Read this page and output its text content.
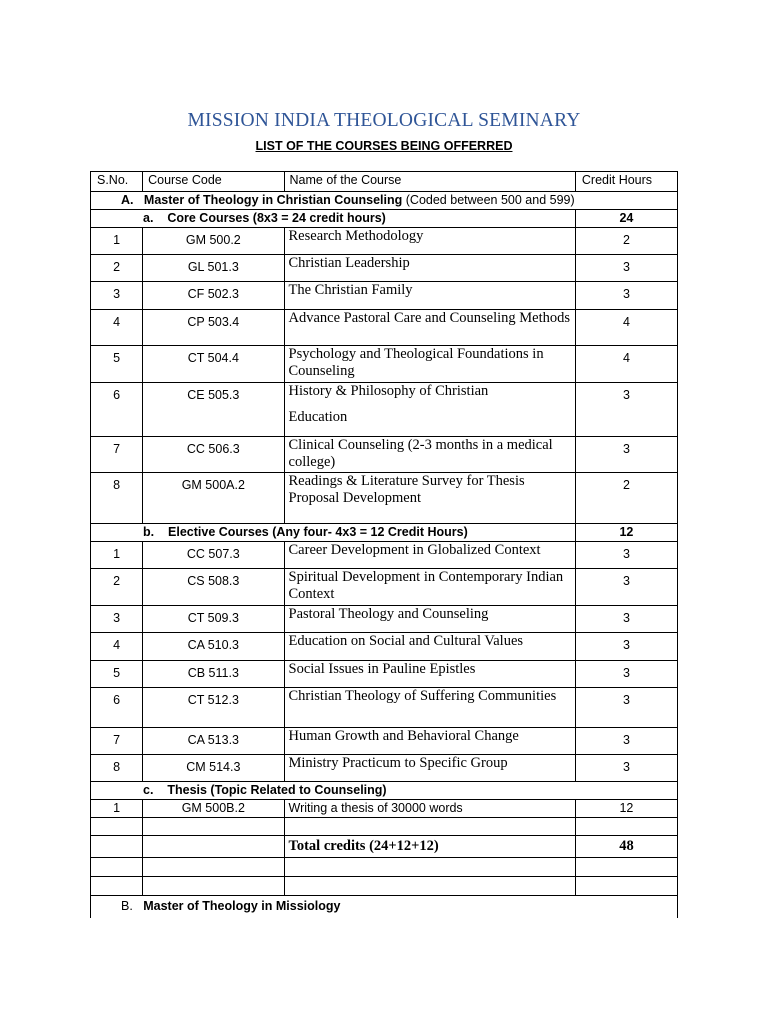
MISSION INDIA THEOLOGICAL SEMINARY
LIST OF THE COURSES BEING OFFERRED
S.No.	Course Code	Name of the Course	Credit Hours
A. Master of Theology in Christian Counseling (Coded between 500 and 599)			
a. Core Courses (8x3 = 24 credit hours)			24
1	GM 500.2	Research Methodology	2
2	GL 501.3	Christian Leadership	3
3	CF 502.3	The Christian Family	3
4	CP 503.4	Advance Pastoral Care and Counseling Methods	4
5	CT 504.4	Psychology and Theological Foundations in Counseling	4
6	CE 505.3	History & Philosophy of Christian
Education	3
7	CC 506.3	Clinical Counseling (2-3 months in a medical college)	3
8	GM 500A.2	Readings & Literature Survey for Thesis Proposal Development	2
b. Elective Courses (Any four- 4x3 = 12 Credit Hours)			12
1	CC 507.3	Career Development in Globalized Context	3
2	CS 508.3	Spiritual Development in Contemporary Indian Context	3
3	CT 509.3	Pastoral Theology and Counseling	3
4	CA 510.3	Education on Social and Cultural Values	3
5	CB 511.3	Social Issues in Pauline Epistles	3
6	CT 512.3	Christian Theology of Suffering Communities	3
7	CA 513.3	Human Growth and Behavioral Change	3
8	CM 514.3	Ministry Practicum to Specific Group	3
c. Thesis (Topic Related to Counseling)			
1	GM 500B.2	Writing a thesis of 30000 words	12

		Total credits (24+12+12)	48

B. Master of Theology in Missiology			
